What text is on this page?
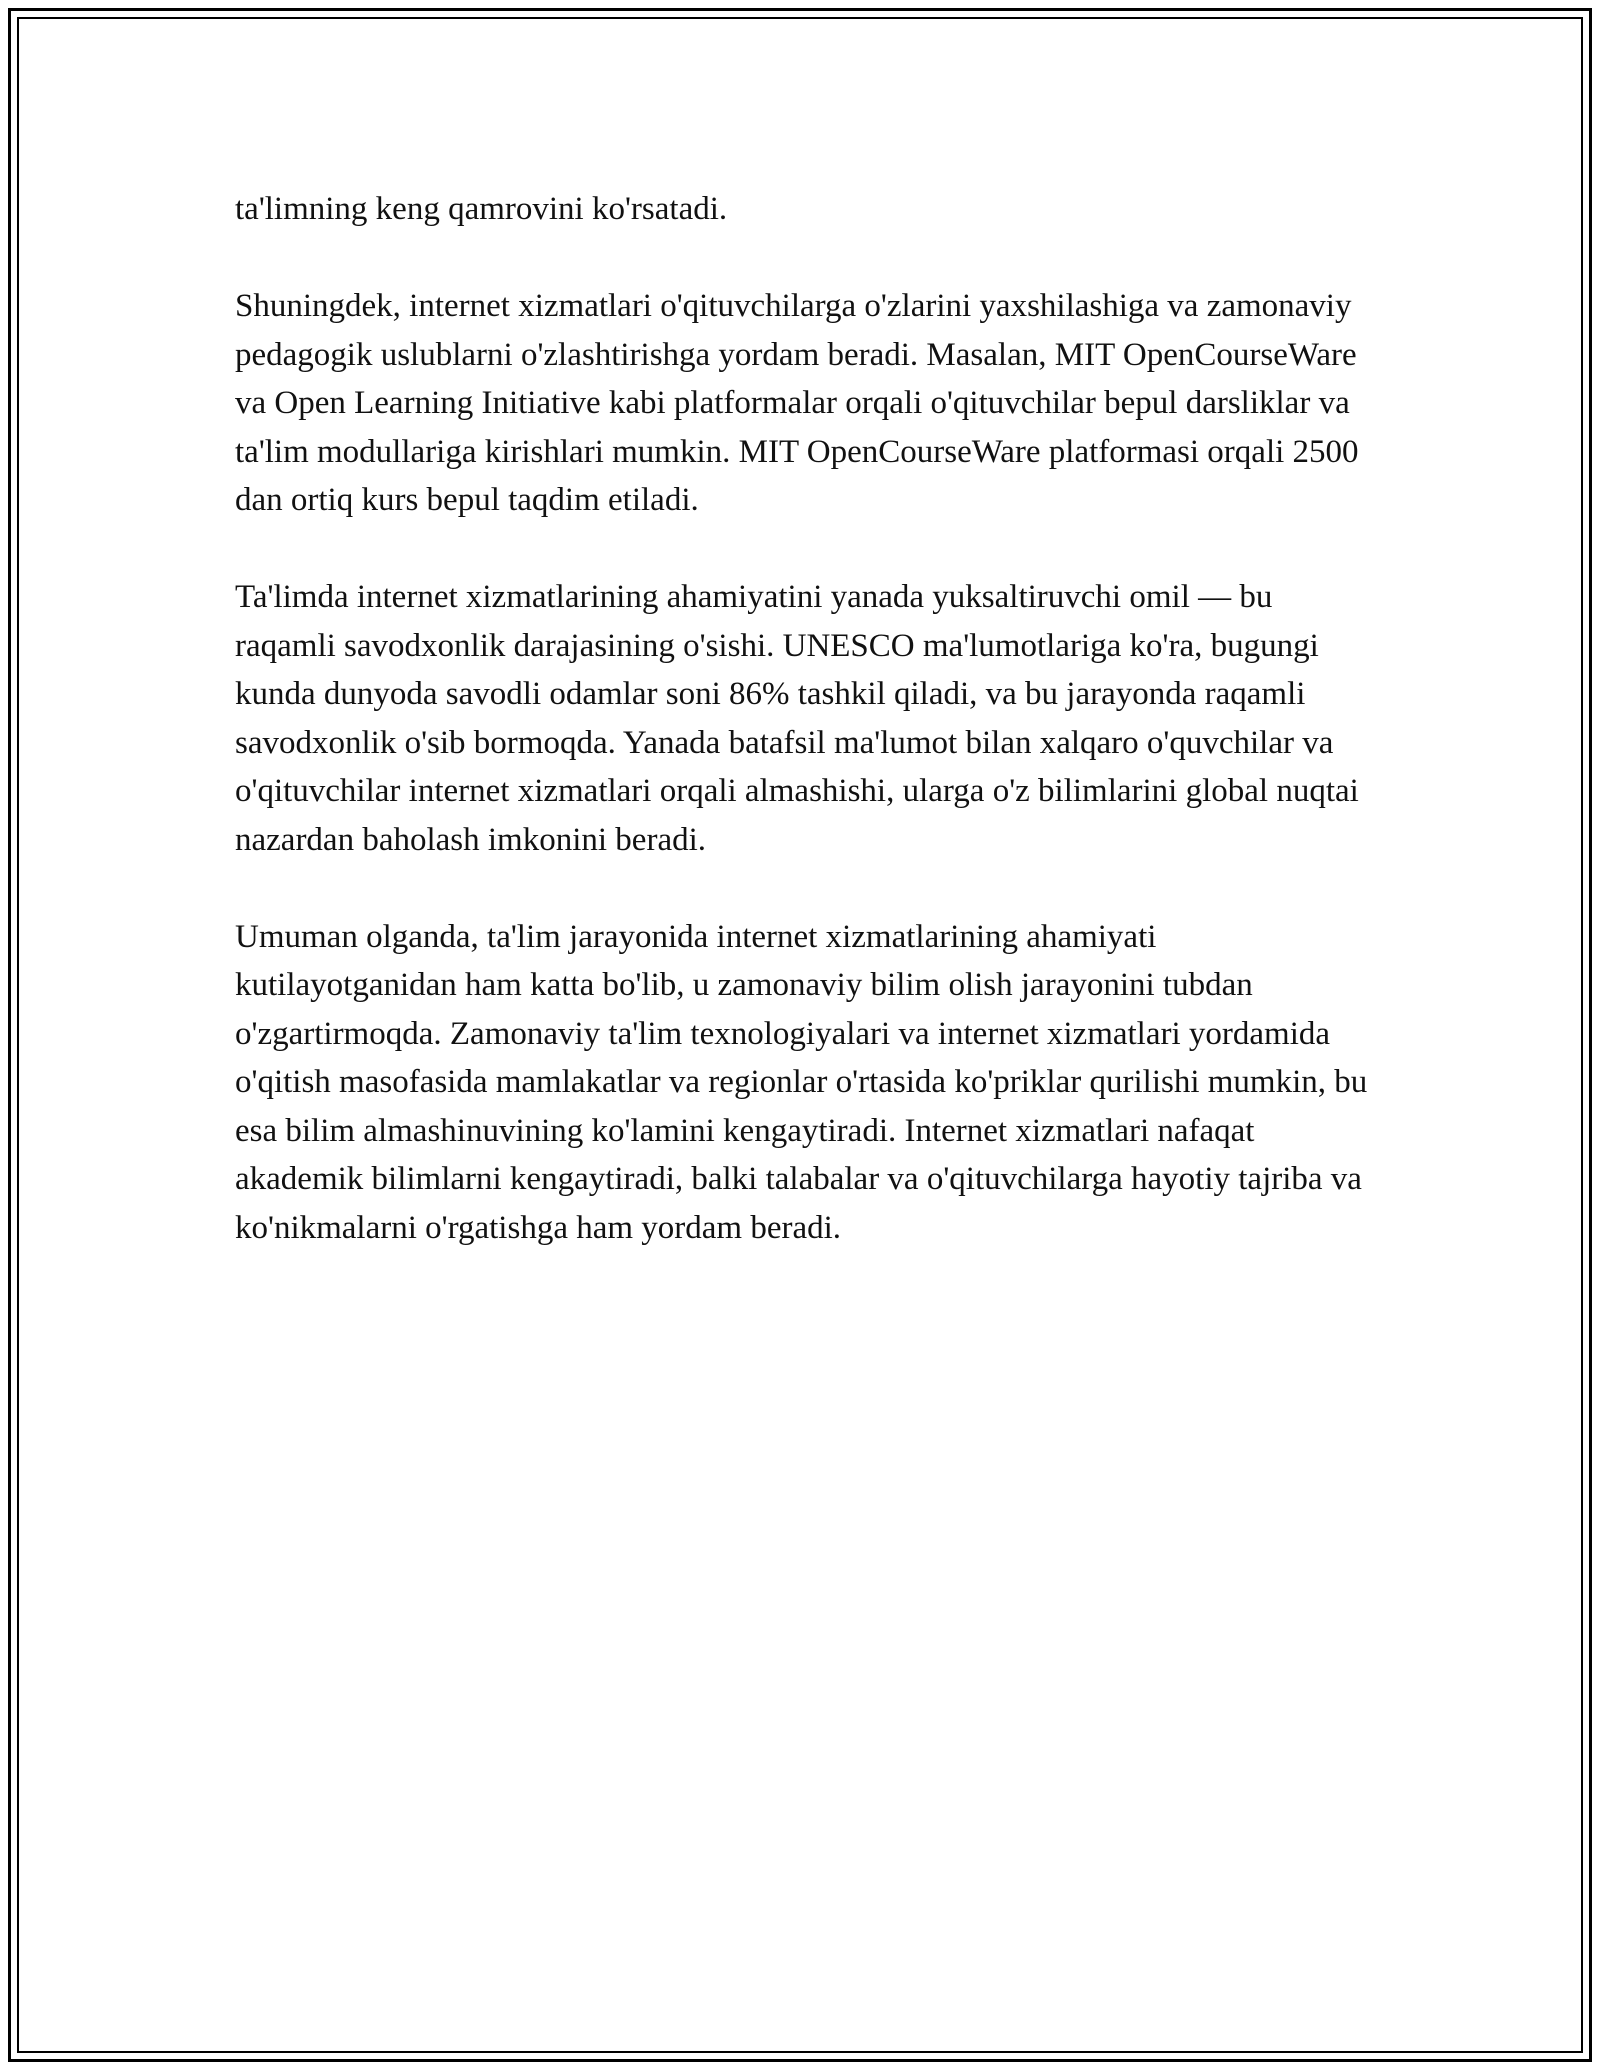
ta'limning keng qamrovini ko'rsatadi.

Shuningdek, internet xizmatlari o'qituvchilarga o'zlarini yaxshilashiga va zamonaviy pedagogik uslublarni o'zlashtirishga yordam beradi. Masalan, MIT OpenCourseWare va Open Learning Initiative kabi platformalar orqali o'qituvchilar bepul darsliklar va ta'lim modullariga kirishlari mumkin. MIT OpenCourseWare platformasi orqali 2500 dan ortiq kurs bepul taqdim etiladi.

Ta'limda internet xizmatlarining ahamiyatini yanada yuksaltiruvchi omil — bu raqamli savodxonlik darajasining o'sishi. UNESCO ma'lumotlariga ko'ra, bugungi kunda dunyoda savodli odamlar soni 86% tashkil qiladi, va bu jarayonda raqamli savodxonlik o'sib bormoqda. Yanada batafsil ma'lumot bilan xalqaro o'quvchilar va o'qituvchilar internet xizmatlari orqali almashishi, ularga o'z bilimlarini global nuqtai nazardan baholash imkonini beradi.

Umuman olganda, ta'lim jarayonida internet xizmatlarining ahamiyati kutilayotganidan ham katta bo'lib, u zamonaviy bilim olish jarayonini tubdan o'zgartirmoqda. Zamonaviy ta'lim texnologiyalari va internet xizmatlari yordamida o'qitish masofasida mamlakatlar va regionlar o'rtasida ko'priklar qurilishi mumkin, bu esa bilim almashinuvining ko'lamini kengaytiradi. Internet xizmatlari nafaqat akademik bilimlarni kengaytiradi, balki talabalar va o'qituvchilarga hayotiy tajriba va ko'nikmalarni o'rgatishga ham yordam beradi.
